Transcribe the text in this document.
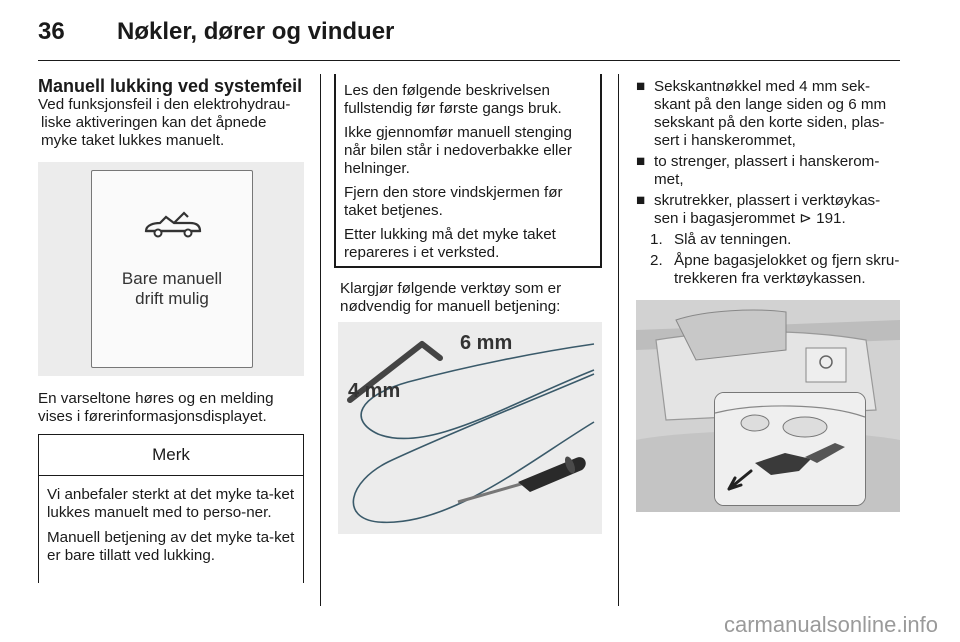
36 Nøkler, dører og vinduer
Manuell lukking ved systemfeil
Ved funksjonsfeil i den elektrohydrau-
liske aktiveringen kan det åpnede
myke taket lukkes manuelt.
Bare manuell
drift mulig
En varseltone høres og en melding
vises i førerinformasjonsdisplayet.
Merk

Vi anbefaler sterkt at det myke ta-ket lukkes manuelt med to perso-ner.

Manuell betjening av det myke ta-ket er bare tillatt ved lukking.

Les den følgende beskrivelsen fullstendig før første gangs bruk.

Ikke gjennomfør manuell stenging når bilen står i nedoverbakke eller helninger.

Fjern den store vindskjermen før taket betjenes.

Etter lukking må det myke taket repareres i et verksted.

Klargjør følgende verktøy som er nødvendig for manuell betjening:
6 mm
4 mm
■ Sekskantnøkkel med 4 mm sek-skant på den lange siden og 6 mm sekskant på den korte siden, plas-sert i hanskerommet,
■ to strenger, plassert i hanskerom-met,
■ skrutrekker, plassert i verktøykas-sen i bagasjerommet ⊳ 191.
1. Slå av tenningen.
2. Åpne bagasjelokket og fjern skru-trekkeren fra verktøykassen.
carmanualsonline.info
